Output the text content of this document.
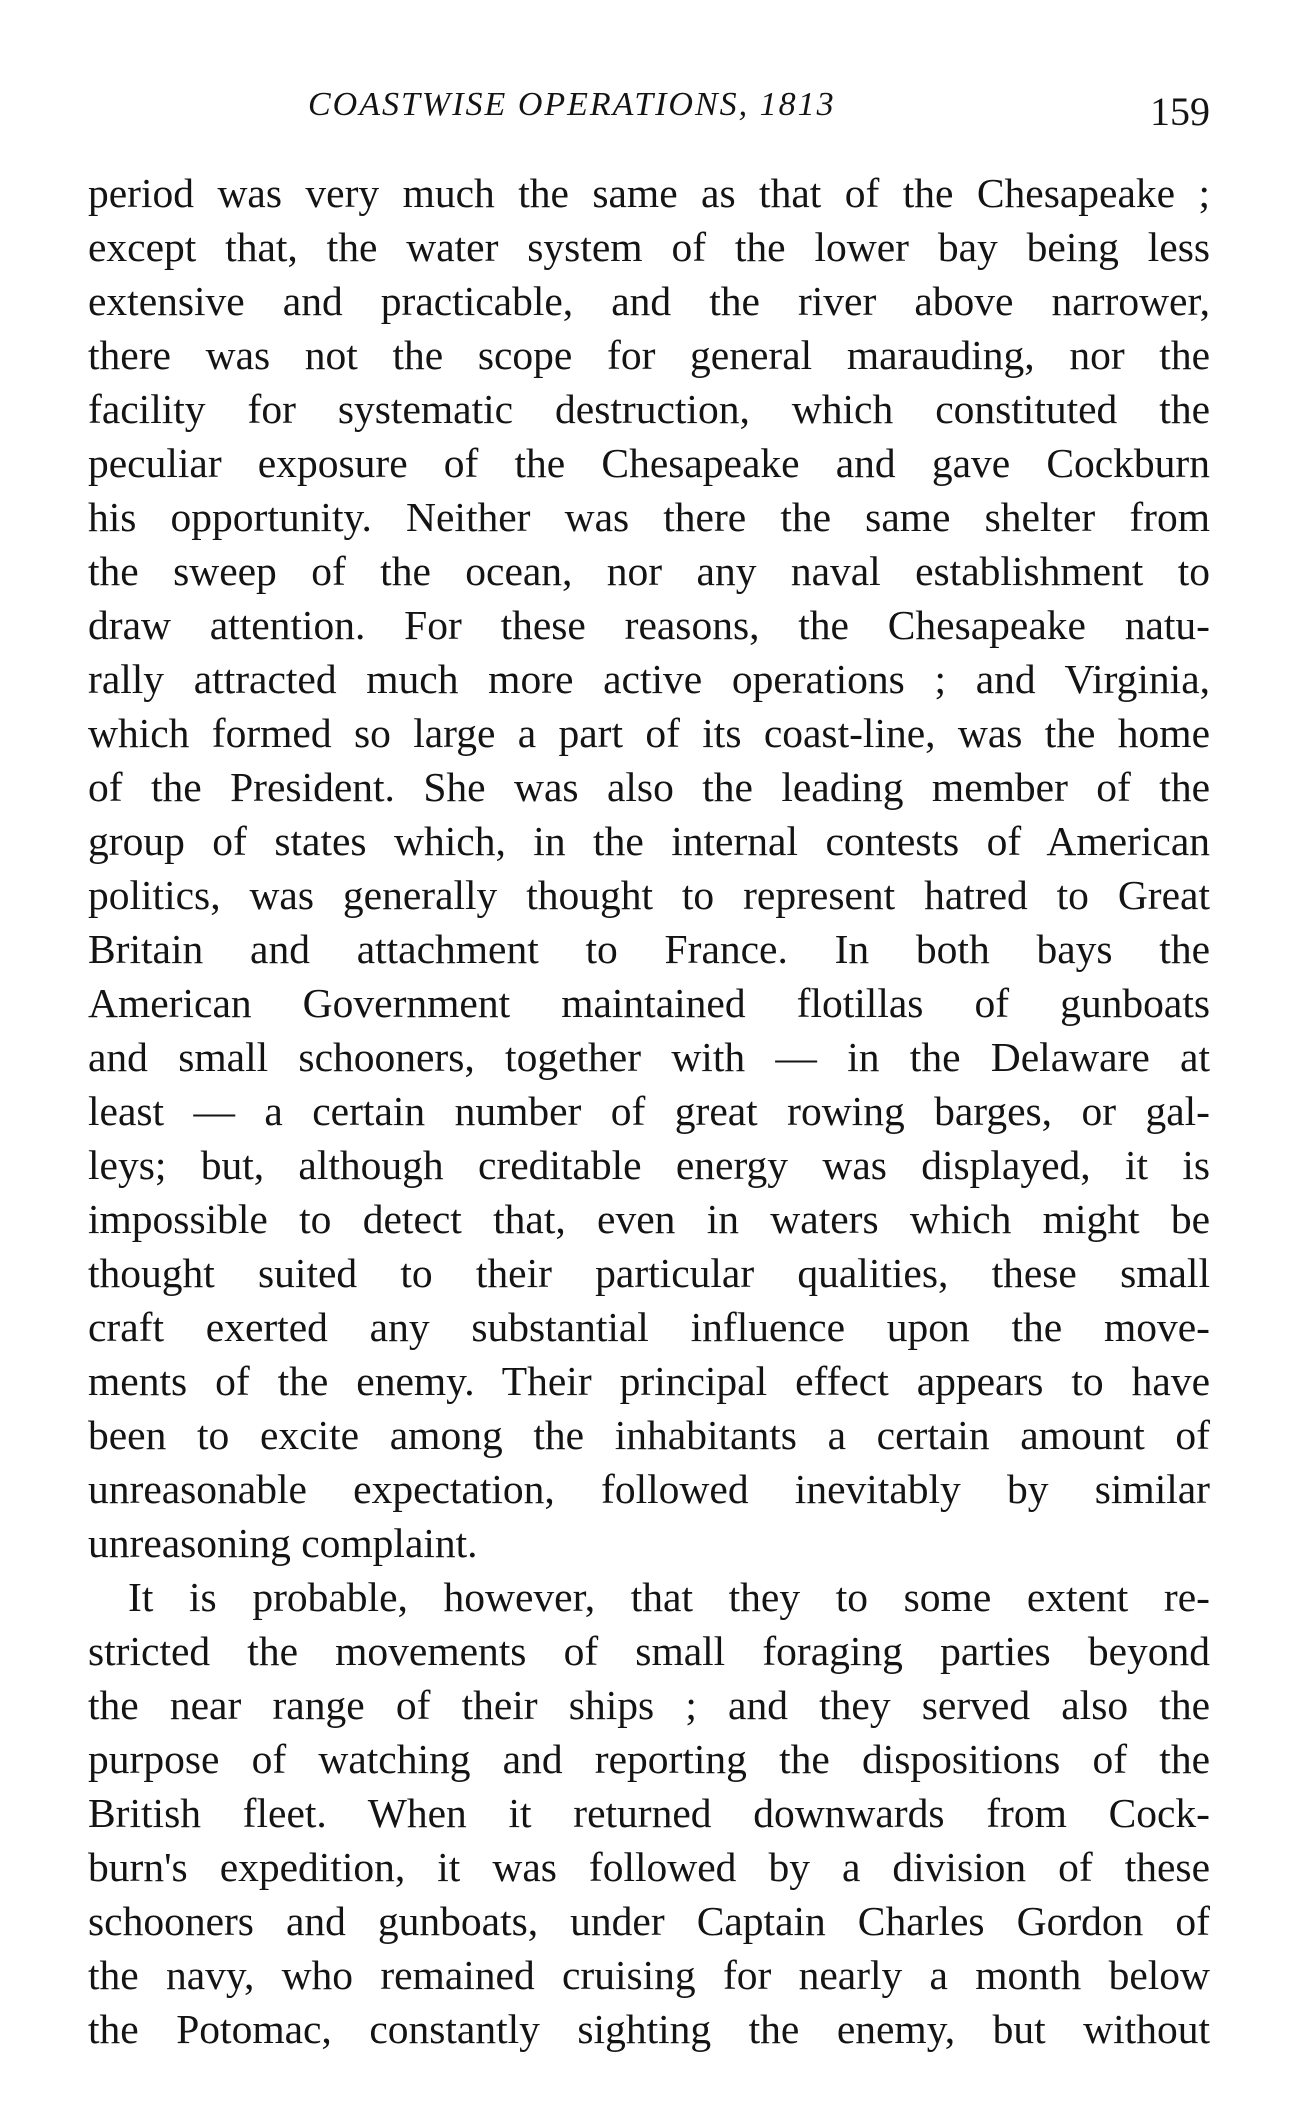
COASTWISE OPERATIONS, 1813	159
period was very much the same as that of the Chesapeake ;
except that, the water system of the lower bay being less
extensive and practicable, and the river above narrower,
there was not the scope for general marauding, nor the
facility for systematic destruction, which constituted the
peculiar exposure of the Chesapeake and gave Cockburn
his opportunity. Neither was there the same shelter from
the sweep of the ocean, nor any naval establishment to
draw attention. For these reasons, the Chesapeake natu-
rally attracted much more active operations ; and Virginia,
which formed so large a part of its coast-line, was the home
of the President. She was also the leading member of the
group of states which, in the internal contests of American
politics, was generally thought to represent hatred to Great
Britain and attachment to France. In both bays the
American Government maintained flotillas of gunboats
and small schooners, together with — in the Delaware at
least — a certain number of great rowing barges, or gal-
leys; but, although creditable energy was displayed, it is
impossible to detect that, even in waters which might be
thought suited to their particular qualities, these small
craft exerted any substantial influence upon the move-
ments of the enemy. Their principal effect appears to have
been to excite among the inhabitants a certain amount of
unreasonable expectation, followed inevitably by similar
unreasoning complaint.
It is probable, however, that they to some extent re-
stricted the movements of small foraging parties beyond
the near range of their ships ; and they served also the
purpose of watching and reporting the dispositions of the
British fleet. When it returned downwards from Cock-
burn's expedition, it was followed by a division of these
schooners and gunboats, under Captain Charles Gordon of
the navy, who remained cruising for nearly a month below
the Potomac, constantly sighting the enemy, but without
